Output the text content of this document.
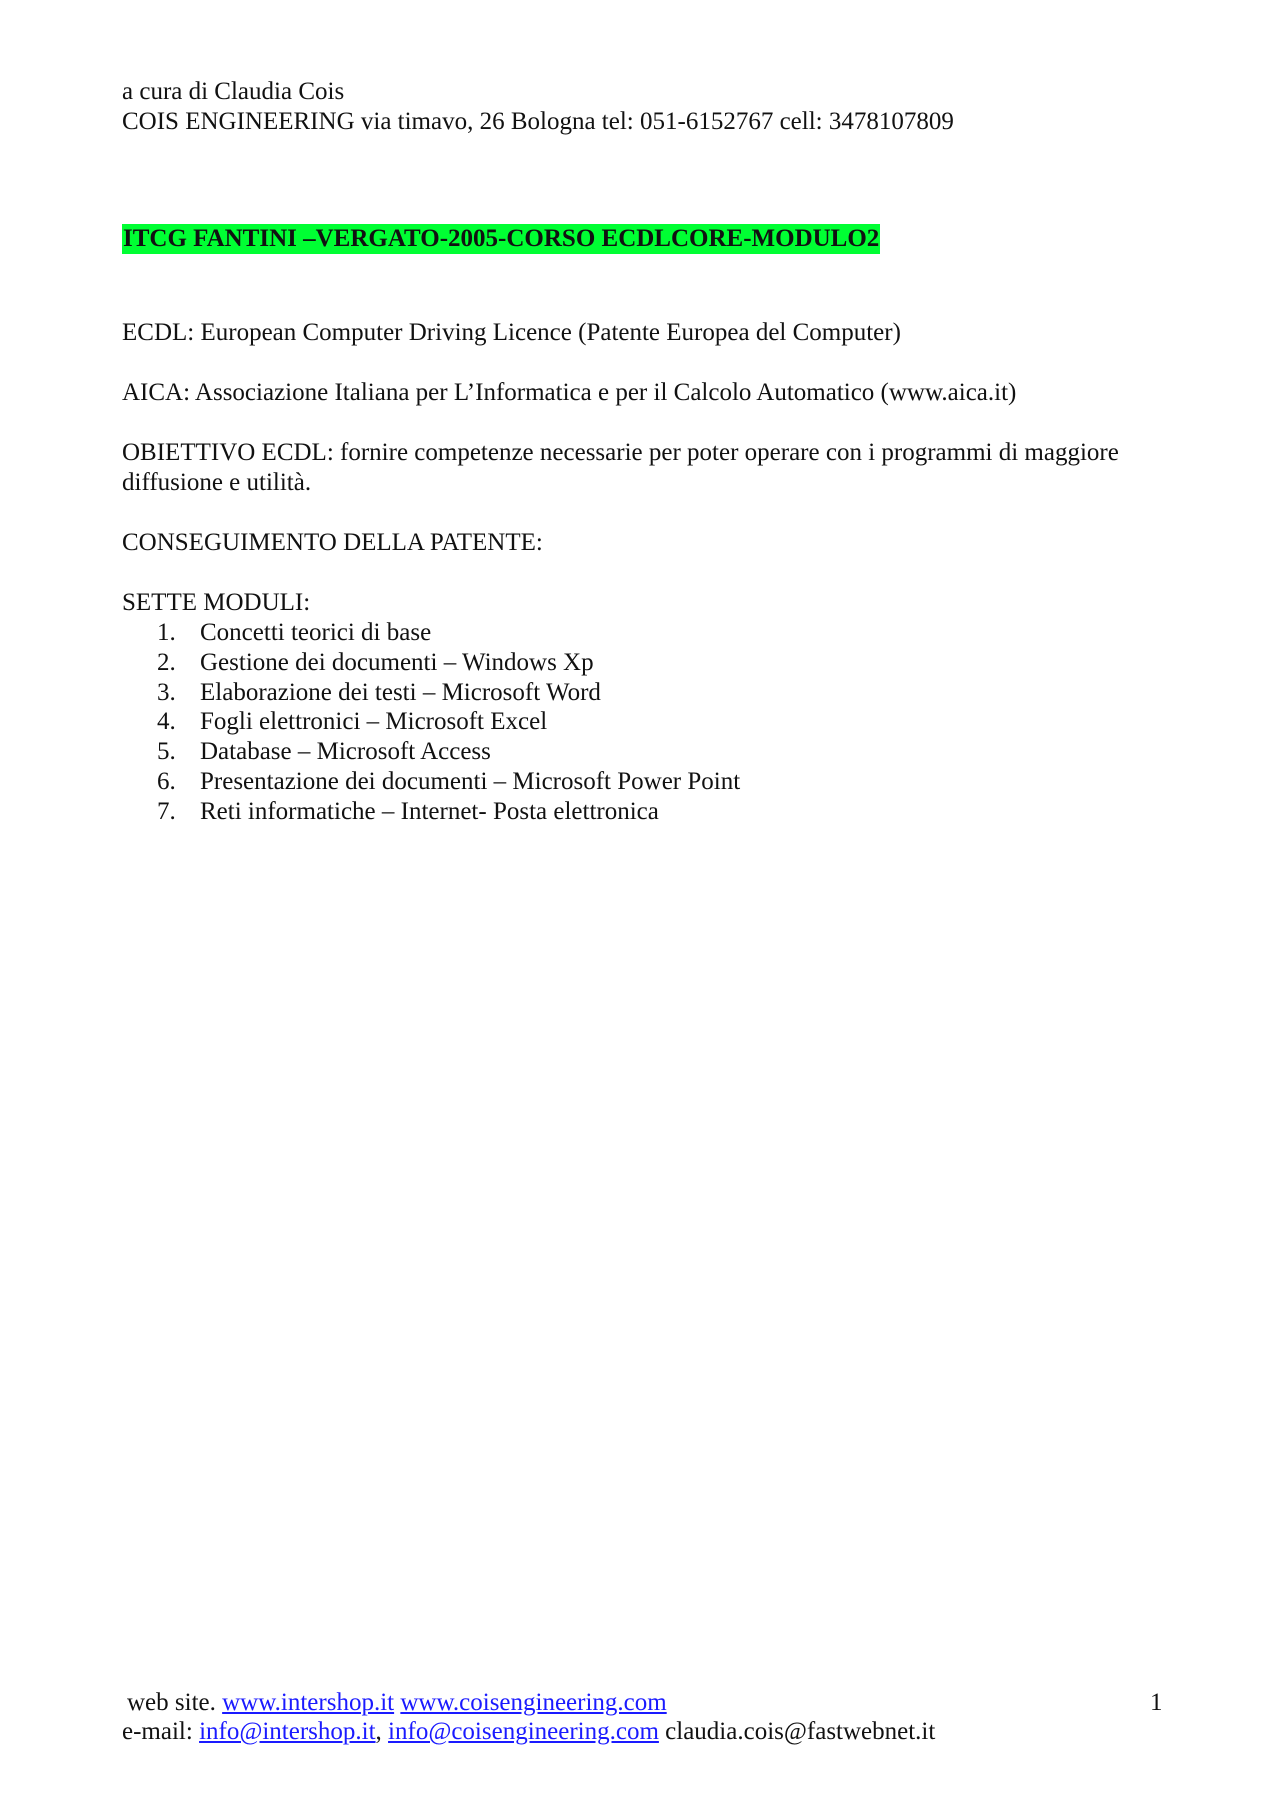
a cura di Claudia Cois
COIS ENGINEERING via timavo, 26 Bologna tel: 051-6152767 cell: 3478107809
ITCG FANTINI –VERGATO-2005-CORSO ECDLCORE-MODULO2
ECDL: European Computer Driving Licence (Patente Europea del Computer)
AICA: Associazione Italiana per L’Informatica e per il Calcolo Automatico (www.aica.it)
OBIETTIVO ECDL: fornire competenze necessarie per poter operare con i programmi di maggiore
diffusione e utilità.
CONSEGUIMENTO DELLA PATENTE:
SETTE MODULI:
1. Concetti teorici di base
2. Gestione dei documenti – Windows Xp
3. Elaborazione dei testi – Microsoft Word
4. Fogli elettronici – Microsoft Excel
5. Database – Microsoft Access
6. Presentazione dei documenti – Microsoft Power Point
7. Reti informatiche – Internet- Posta elettronica
web site. www.intershop.it www.coisengineering.com	1
e-mail: info@intershop.it, info@coisengineering.com claudia.cois@fastwebnet.it
